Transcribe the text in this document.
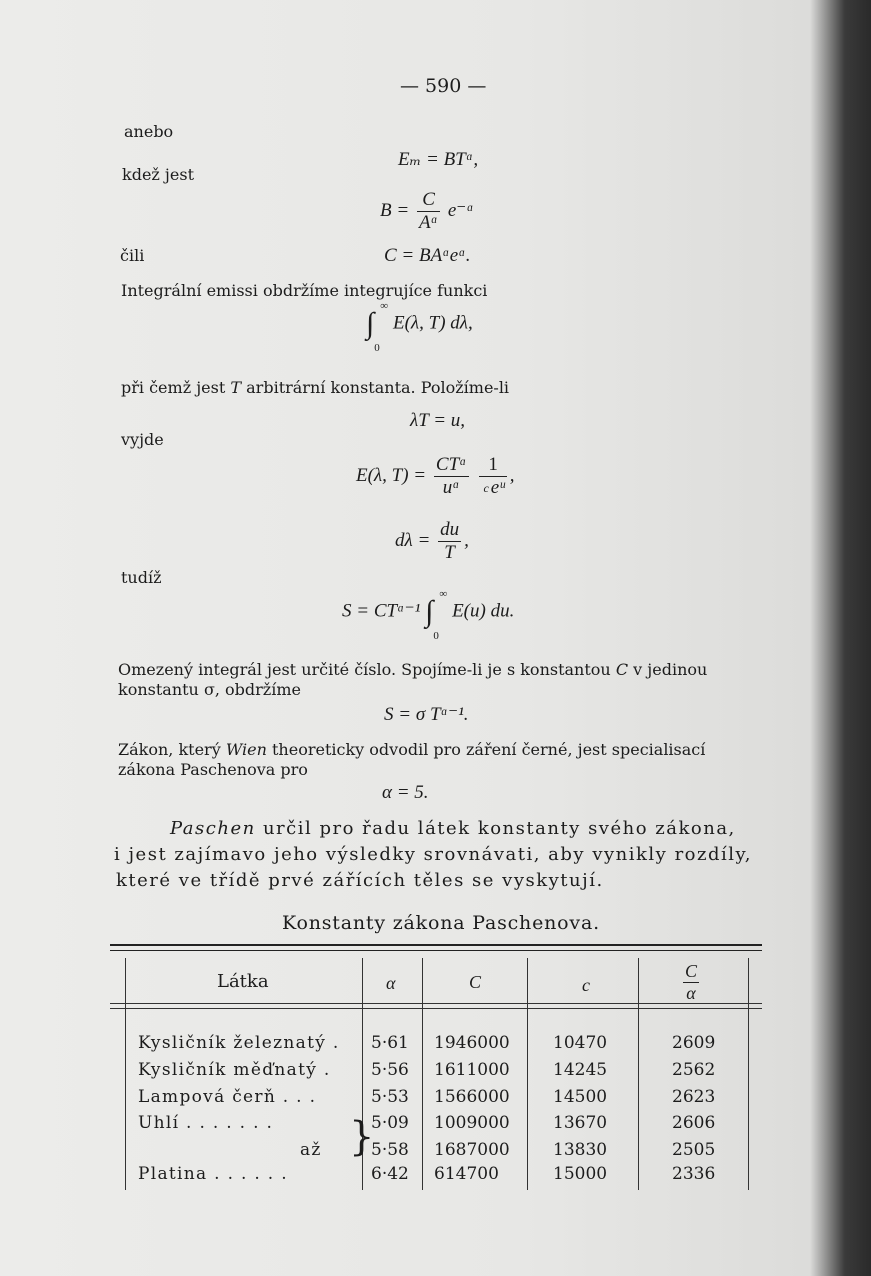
— 590 —
anebo
kdež jest
čili
Eₘ = BTᵅ,
$B = \frac{C}{\text{Aᵅ}}$ e⁻ᵅ
C = BAᵅeᵅ.
Integrální emissi obdržíme integrujíce funkci
∫
∞
0
E(λ, T) dλ,
při čemž jest T arbitrární konstanta. Položíme-li
λT = u,
vyjde
E(λ, $T) = \frac{\text{CTᵅ}}{\text{uᵅ}}$
$\frac{1}{\text{c eᵘ}}$ ,
$d\lambda = \frac{du}{T}$ ,
tudíž
S = CTᵅ⁻¹ ∫
∞
0
E(u) du.
Omezený integrál jest určité číslo. Spojíme-li je s konstantou C v jedinou
konstantu σ, obdržíme
S = σ Tᵅ⁻¹.
Zákon, který Wien theoreticky odvodil pro záření černé, jest specialisací
zákona Paschenova pro
α = 5.
Paschen určil pro řadu látek konstanty svého zákona,
i jest zajímavo jeho výsledky srovnávati, aby vynikly rozdíly,
které ve třídě prvé zářících těles se vyskytují.
Konstanty zákona Paschenova.
Látka	α	C	c	$\frac{C}{\alpha}$
Kysličník železnatý . 5·61 1946000	10470	2609
Kysličník měďnatý . 5·56 1611000	14245	2562
Lampová čerň . . .	5·53 1566000	14500	2623
Uhlí . . . . . . .	5·09 1009000	13670	2606
až	5·58 1687000	13830	2505
Platina . . . . . .	6·42 614700	15000	2336
}
